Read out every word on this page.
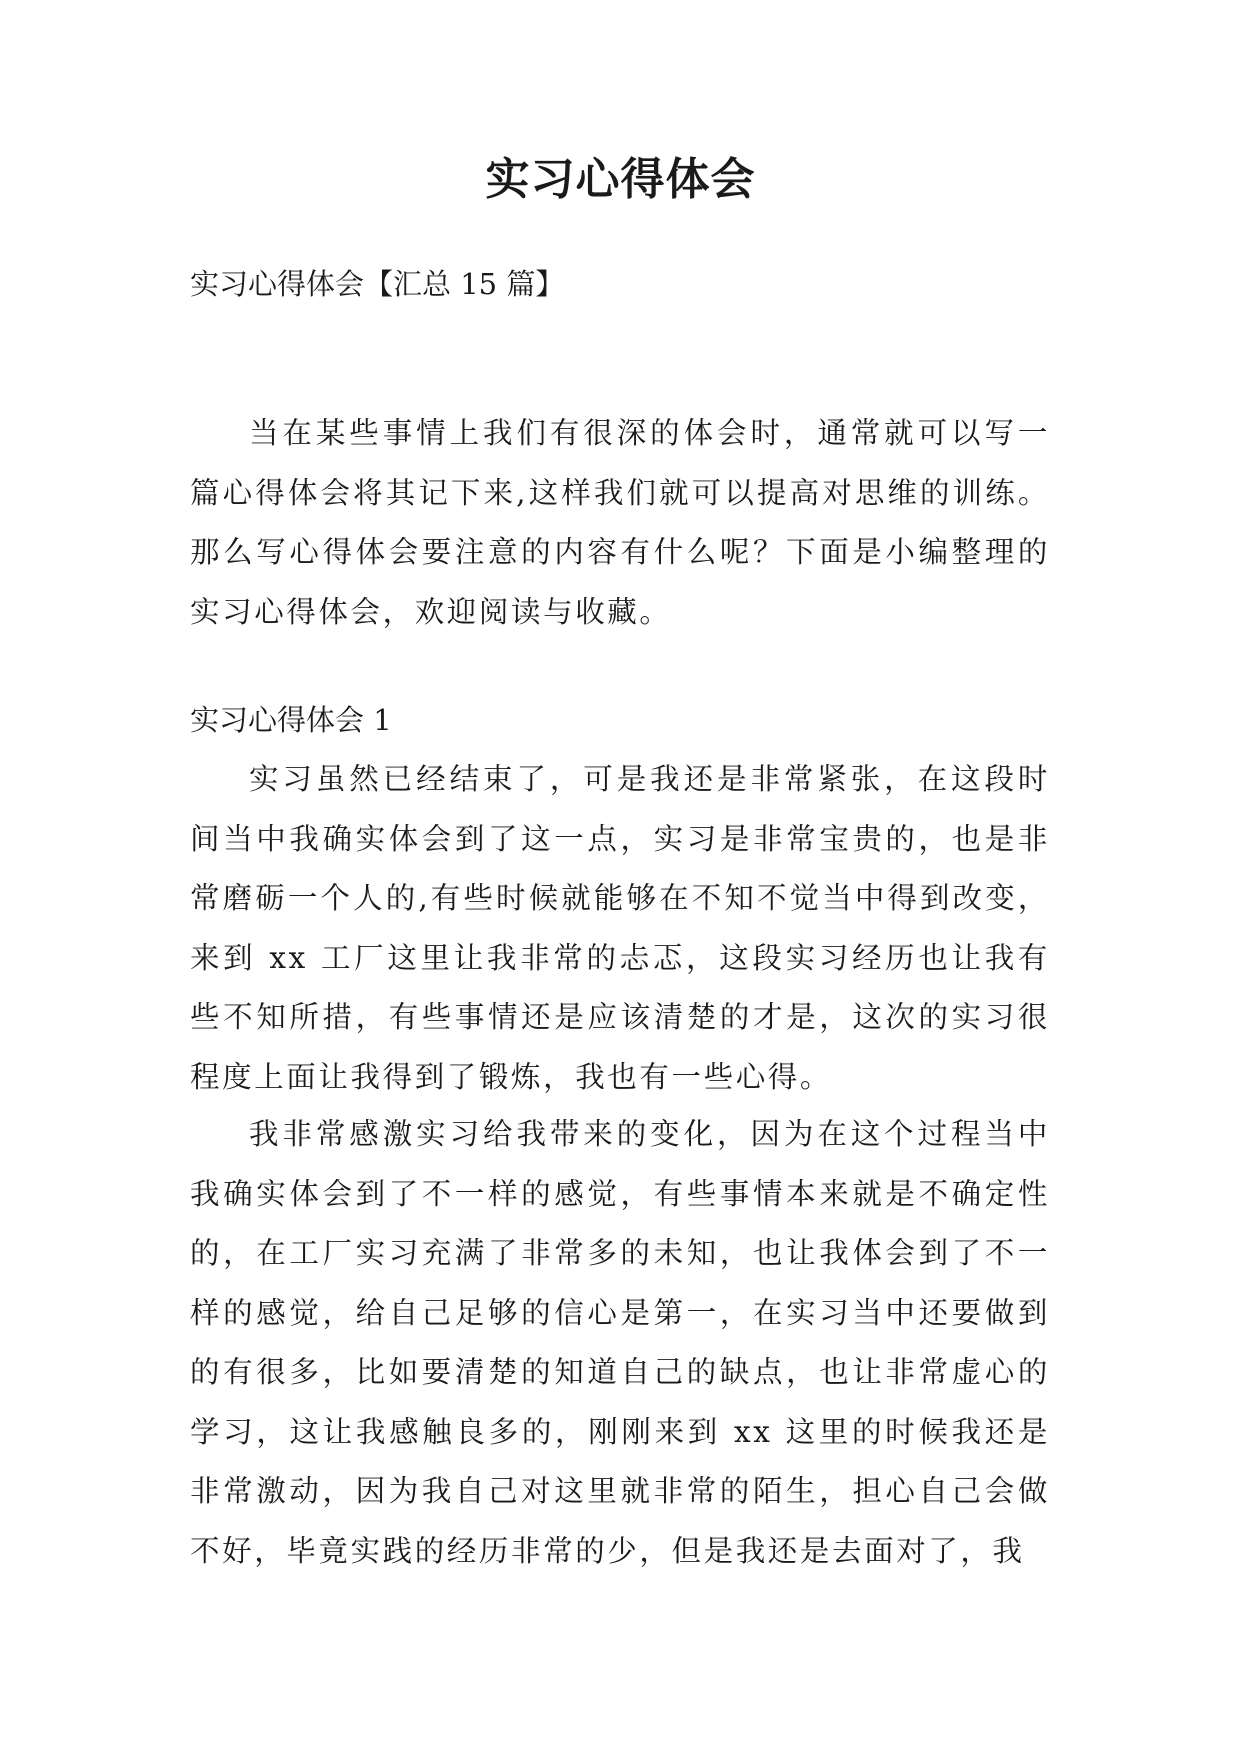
实习心得体会

实习心得体会【汇总 15 篇】

当在某些事情上我们有很深的体会时，通常就可以写一篇心得体会将其记下来,这样我们就可以提高对思维的训练。那么写心得体会要注意的内容有什么呢？下面是小编整理的实习心得体会，欢迎阅读与收藏。

实习心得体会 1

实习虽然已经结束了，可是我还是非常紧张，在这段时间当中我确实体会到了这一点，实习是非常宝贵的，也是非常磨砺一个人的,有些时候就能够在不知不觉当中得到改变，来到 xx 工厂这里让我非常的忐忑，这段实习经历也让我有些不知所措，有些事情还是应该清楚的才是，这次的实习很程度上面让我得到了锻炼，我也有一些心得。

我非常感激实习给我带来的变化，因为在这个过程当中我确实体会到了不一样的感觉，有些事情本来就是不确定性的，在工厂实习充满了非常多的未知，也让我体会到了不一样的感觉，给自己足够的信心是第一，在实习当中还要做到的有很多，比如要清楚的知道自己的缺点，也让非常虚心的学习，这让我感触良多的，刚刚来到 xx 这里的时候我还是非常激动，因为我自己对这里就非常的陌生，担心自己会做不好，毕竟实践的经历非常的少，但是我还是去面对了，我
